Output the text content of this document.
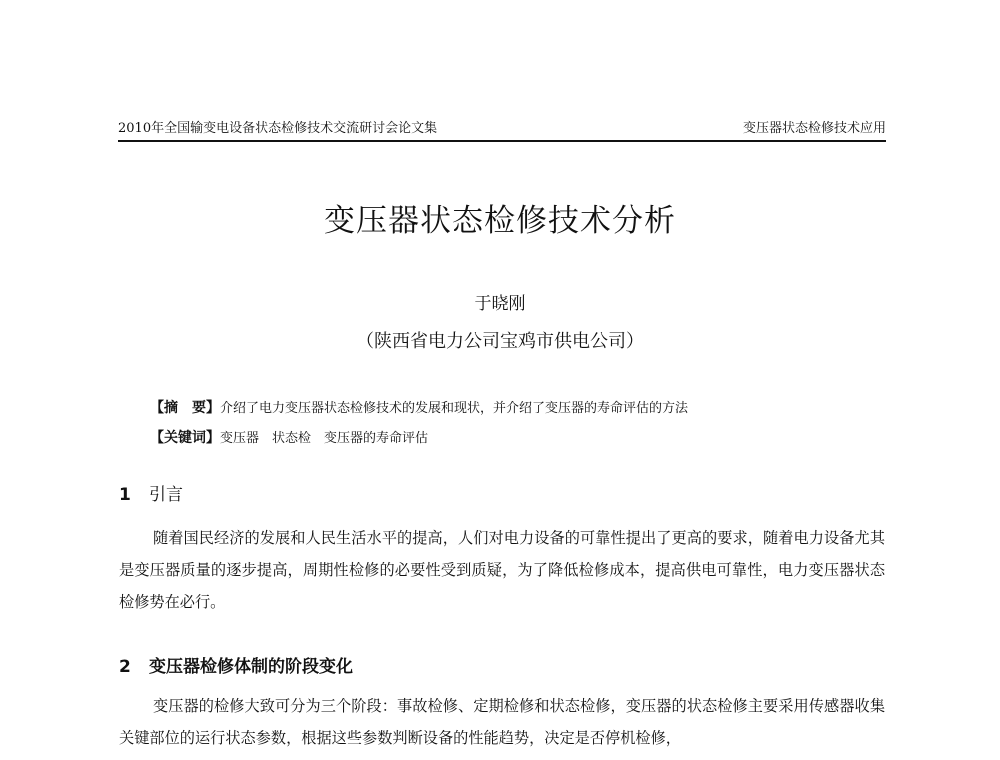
2010年全国输变电设备状态检修技术交流研讨会论文集	变压器状态检修技术应用
变压器状态检修技术分析
于晓刚
（陕西省电力公司宝鸡市供电公司）
【摘　要】介绍了电力变压器状态检修技术的发展和现状，并介绍了变压器的寿命评估的方法
【关键词】变压器　状态检　变压器的寿命评估
1 引言

随着国民经济的发展和人民生活水平的提高，人们对电力设备的可靠性提出了更高的要求，随着电力设备尤其是变压器质量的逐步提高，周期性检修的必要性受到质疑，为了降低检修成本，提高供电可靠性，电力变压器状态检修势在必行。

2 变压器检修体制的阶段变化

变压器的检修大致可分为三个阶段：事故检修、定期检修和状态检修，变压器的状态检修主要采用传感器收集关键部位的运行状态参数，根据这些参数判断设备的性能趋势，决定是否停机检修，
